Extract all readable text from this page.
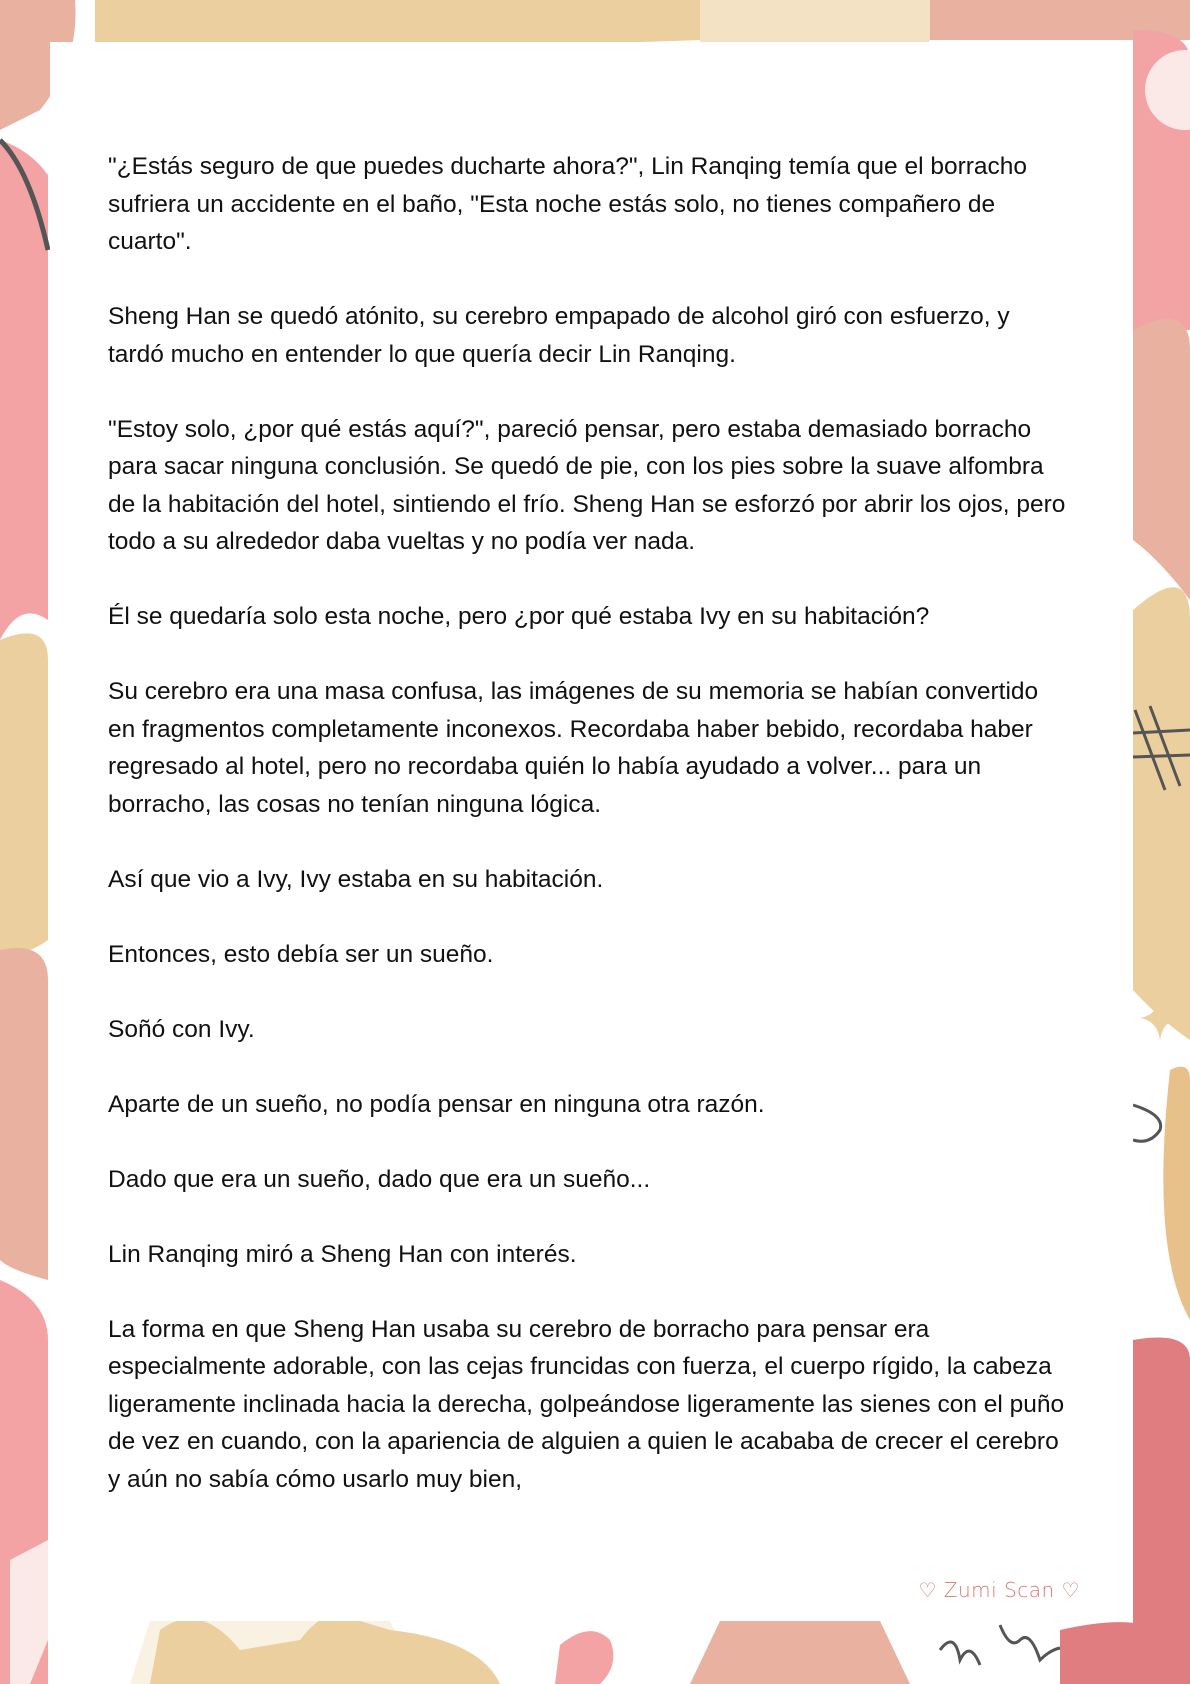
"¿Estás seguro de que puedes ducharte ahora?", Lin Ranqing temía que el borracho sufriera un accidente en el baño, "Esta noche estás solo, no tienes compañero de cuarto".

Sheng Han se quedó atónito, su cerebro empapado de alcohol giró con esfuerzo, y tardó mucho en entender lo que quería decir Lin Ranqing.

"Estoy solo, ¿por qué estás aquí?", pareció pensar, pero estaba demasiado borracho para sacar ninguna conclusión. Se quedó de pie, con los pies sobre la suave alfombra de la habitación del hotel, sintiendo el frío. Sheng Han se esforzó por abrir los ojos, pero todo a su alrededor daba vueltas y no podía ver nada.

Él se quedaría solo esta noche, pero ¿por qué estaba Ivy en su habitación?

Su cerebro era una masa confusa, las imágenes de su memoria se habían convertido en fragmentos completamente inconexos. Recordaba haber bebido, recordaba haber regresado al hotel, pero no recordaba quién lo había ayudado a volver... para un borracho, las cosas no tenían ninguna lógica.

Así que vio a Ivy, Ivy estaba en su habitación.

Entonces, esto debía ser un sueño.

Soñó con Ivy.

Aparte de un sueño, no podía pensar en ninguna otra razón.

Dado que era un sueño, dado que era un sueño...

Lin Ranqing miró a Sheng Han con interés.

La forma en que Sheng Han usaba su cerebro de borracho para pensar era especialmente adorable, con las cejas fruncidas con fuerza, el cuerpo rígido, la cabeza ligeramente inclinada hacia la derecha, golpeándose ligeramente las sienes con el puño de vez en cuando, con la apariencia de alguien a quien le acababa de crecer el cerebro y aún no sabía cómo usarlo muy bien,

♡ Zumi Scan ♡
